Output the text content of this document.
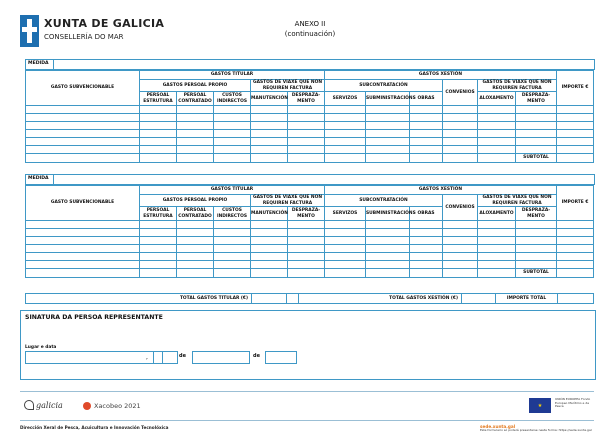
XUNTA DE GALICIA
CONSELLERÍA DO MAR
ANEXO II
(continuación)
MEDIDA
GASTO SUBVENCIONABLE	GASTOS TITULAR					GASTOS XESTIÓN						IMPORTE €
	GASTOS PERSOAL PROPIO			GASTOS DE VIAXE QUE NON REQUIREN FACTURA		SUBCONTRATACIÓN			CONVENIOS	GASTOS DE VIAXE QUE NON REQUIREN FACTURA		
	PERSOAL ESTRUTURA	PERSOAL CONTRATADO	CUSTOS INDIRECTOS	MANUTENCIÓN	DESPRAZA- MENTO	SERVIZOS	SUBMINISTRACIÓNS	OBRAS		ALOXAMENTO	DESPRAZA- MENTO	

											SUBTOTAL	
MEDIDA
GASTO SUBVENCIONABLE	GASTOS TITULAR					GASTOS XESTIÓN						IMPORTE €
	GASTOS PERSOAL PROPIO			GASTOS DE VIAXE QUE NON REQUIREN FACTURA		SUBCONTRATACIÓN			CONVENIOS	GASTOS DE VIAXE QUE NON REQUIREN FACTURA		
	PERSOAL ESTRUTURA	PERSOAL CONTRATADO	CUSTOS INDIRECTOS	MANUTENCIÓN	DESPRAZA- MENTO	SERVIZOS	SUBMINISTRACIÓNS	OBRAS		ALOXAMENTO	DESPRAZA- MENTO	

											SUBTOTAL	
TOTAL GASTOS TITULAR (€)			TOTAL GASTOS XESTIÓN (€)		IMPORTE TOTAL	
SINATURA DA PERSOA REPRESENTANTE
Lugar e data
,	de	de
galicia	Xacobeo 2021	★
UNIÓN EUROPEA Fondo Europeo Marítimo e de Pesca
Dirección Xeral de Pesca, Acuicultura e Innovación Tecnolóxica	sede.xunta.gal
Este formulario só poderá presentarse nesta forma: https://sede.xunta.gal
